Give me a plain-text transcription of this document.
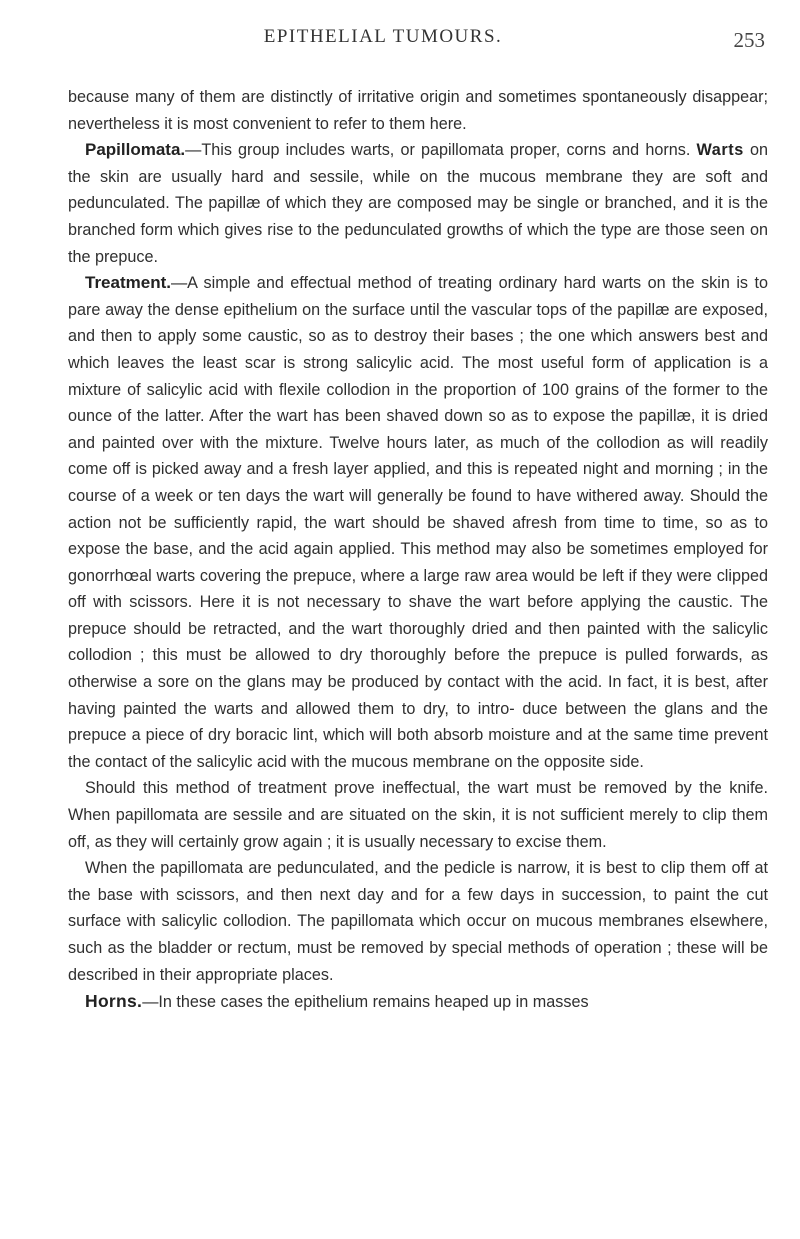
EPITHELIAL TUMOURS.	253

because many of them are distinctly of irritative origin and sometimes spontaneously disappear; nevertheless it is most convenient to refer to them here.

Papillomata.—This group includes warts, or papillomata proper, corns and horns. Warts on the skin are usually hard and sessile, while on the mucous membrane they are soft and pedunculated. The papillæ of which they are composed may be single or branched, and it is the branched form which gives rise to the pedunculated growths of which the type are those seen on the prepuce.

Treatment.—A simple and effectual method of treating ordinary hard warts on the skin is to pare away the dense epithelium on the surface until the vascular tops of the papillæ are exposed, and then to apply some caustic, so as to destroy their bases ; the one which answers best and which leaves the least scar is strong salicylic acid. The most useful form of application is a mixture of salicylic acid with flexile collodion in the proportion of 100 grains of the former to the ounce of the latter. After the wart has been shaved down so as to expose the papillæ, it is dried and painted over with the mixture. Twelve hours later, as much of the collodion as will readily come off is picked away and a fresh layer applied, and this is repeated night and morning ; in the course of a week or ten days the wart will generally be found to have withered away. Should the action not be sufficiently rapid, the wart should be shaved afresh from time to time, so as to expose the base, and the acid again applied. This method may also be sometimes employed for gonorrhœal warts covering the prepuce, where a large raw area would be left if they were clipped off with scissors. Here it is not necessary to shave the wart before applying the caustic. The prepuce should be retracted, and the wart thoroughly dried and then painted with the salicylic collodion ; this must be allowed to dry thoroughly before the prepuce is pulled forwards, as otherwise a sore on the glans may be produced by contact with the acid. In fact, it is best, after having painted the warts and allowed them to dry, to intro- duce between the glans and the prepuce a piece of dry boracic lint, which will both absorb moisture and at the same time prevent the contact of the salicylic acid with the mucous membrane on the opposite side.

Should this method of treatment prove ineffectual, the wart must be removed by the knife. When papillomata are sessile and are situated on the skin, it is not sufficient merely to clip them off, as they will certainly grow again ; it is usually necessary to excise them.

When the papillomata are pedunculated, and the pedicle is narrow, it is best to clip them off at the base with scissors, and then next day and for a few days in succession, to paint the cut surface with salicylic collodion. The papillomata which occur on mucous membranes elsewhere, such as the bladder or rectum, must be removed by special methods of operation ; these will be described in their appropriate places.

Horns.—In these cases the epithelium remains heaped up in masses
